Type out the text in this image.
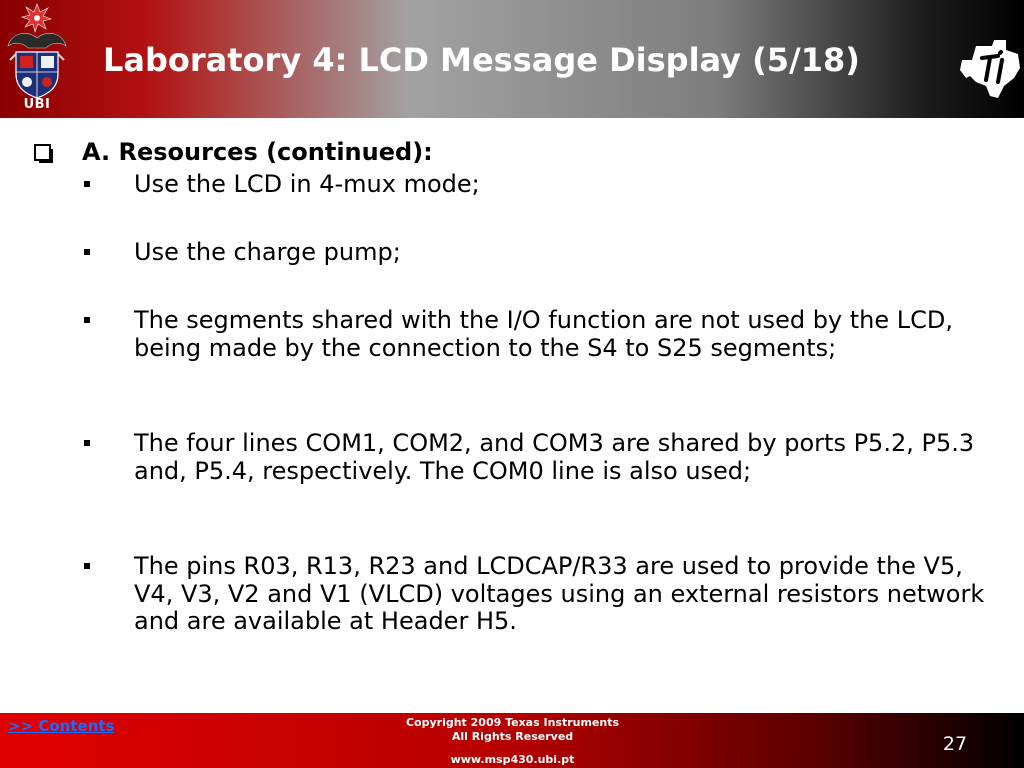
UBI
Laboratory 4: LCD Message Display (5/18)
A. Resources (continued):
Use the LCD in 4-mux mode;
Use the charge pump;
The segments shared with the I/O function are not used by the LCD, being made by the connection to the S4 to S25 segments;
The four lines COM1, COM2, and COM3 are shared by ports P5.2, P5.3 and, P5.4, respectively. The COM0 line is also used;
The pins R03, R13, R23 and LCDCAP/R33 are used to provide the V5, V4, V3, V2 and V1 (VLCD) voltages using an external resistors network and are available at Header H5.
>> Contents	Copyright 2009 Texas Instruments
All Rights Reserved
www.msp430.ubi.pt
27
